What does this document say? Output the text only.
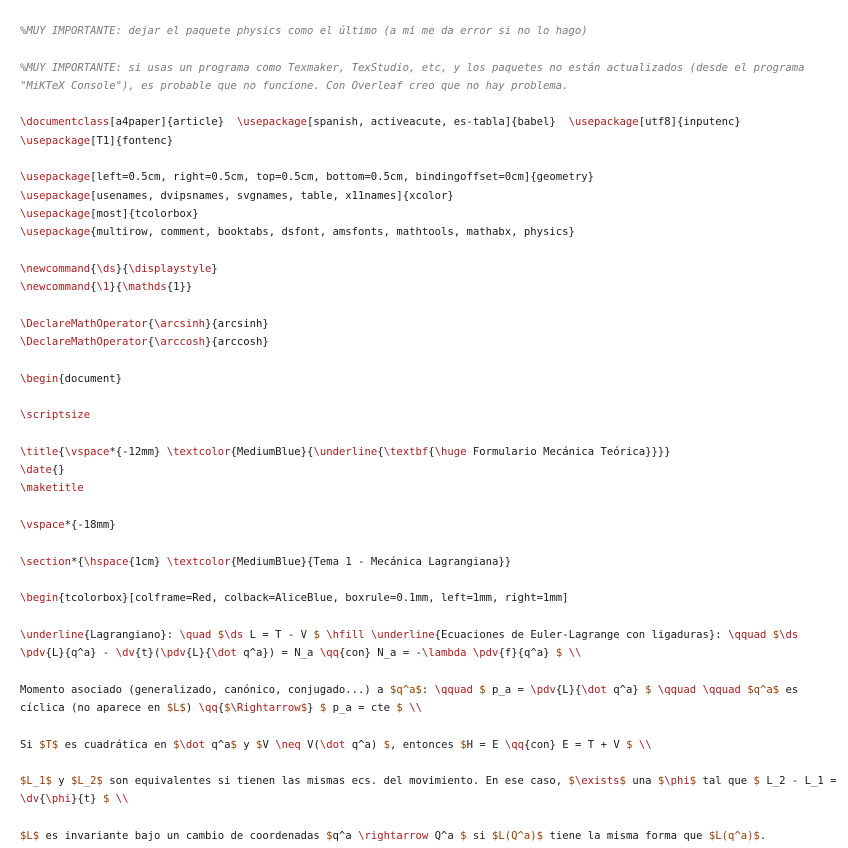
%MUY IMPORTANTE: dejar el paquete physics como el último (a mí me da error si no lo hago)
%MUY IMPORTANTE: si usas un programa como Texmaker, TexStudio, etc, y los paquetes no están actualizados (desde el programa
"MiKTeX Console"), es probable que no funcione. Con Overleaf creo que no hay problema.
\documentclass[a4paper]{article}  \usepackage[spanish, activeacute, es-tabla]{babel}  \usepackage[utf8]{inputenc}
\usepackage[T1]{fontenc}
\usepackage[left=0.5cm, right=0.5cm, top=0.5cm, bottom=0.5cm, bindingoffset=0cm]{geometry}
\usepackage[usenames, dvipsnames, svgnames, table, x11names]{xcolor}
\usepackage[most]{tcolorbox}
\usepackage{multirow, comment, booktabs, dsfont, amsfonts, mathtools, mathabx, physics}
\newcommand{\ds}{\displaystyle}
\newcommand{\1}{\mathds{1}}
\DeclareMathOperator{\arcsinh}{arcsinh}
\DeclareMathOperator{\arccosh}{arccosh}
\begin{document}
\scriptsize
\title{\vspace*{-12mm} \textcolor{MediumBlue}{\underline{\textbf{\huge Formulario Mecánica Teórica}}}}
\date{}
\maketitle
\vspace*{-18mm}
\section*{\hspace{1cm} \textcolor{MediumBlue}{Tema 1 - Mecánica Lagrangiana}}
\begin{tcolorbox}[colframe=Red, colback=AliceBlue, boxrule=0.1mm, left=1mm, right=1mm]
\underline{Lagrangiano}: \quad $\ds L = T - V $ \hfill \underline{Ecuaciones de Euler-Lagrange con ligaduras}: \qquad $\ds
\pdv{L}{q^a} - \dv{t}(\pdv{L}{\dot q^a}) = N_a \qq{con} N_a = -\lambda \pdv{f}{q^a} $ \\
Momento asociado (generalizado, canónico, conjugado...) a $q^a$: \qquad $ p_a = \pdv{L}{\dot q^a} $ \qquad \qquad $q^a$ es
cíclica (no aparece en $L$) \qq{$\Rightarrow$} $ p_a = cte $ \\
Si $T$ es cuadrática en $\dot q^a$ y $V \neq V(\dot q^a) $, entonces $H = E \qq{con} E = T + V $ \\
$L_1$ y $L_2$ son equivalentes si tienen las mismas ecs. del movimiento. En ese caso, $\exists$ una $\phi$ tal que $ L_2 - L_1 =
\dv{\phi}{t} $ \\
$L$ es invariante bajo un cambio de coordenadas $q^a \rightarrow Q^a $ si $L(Q^a)$ tiene la misma forma que $L(q^a)$.
